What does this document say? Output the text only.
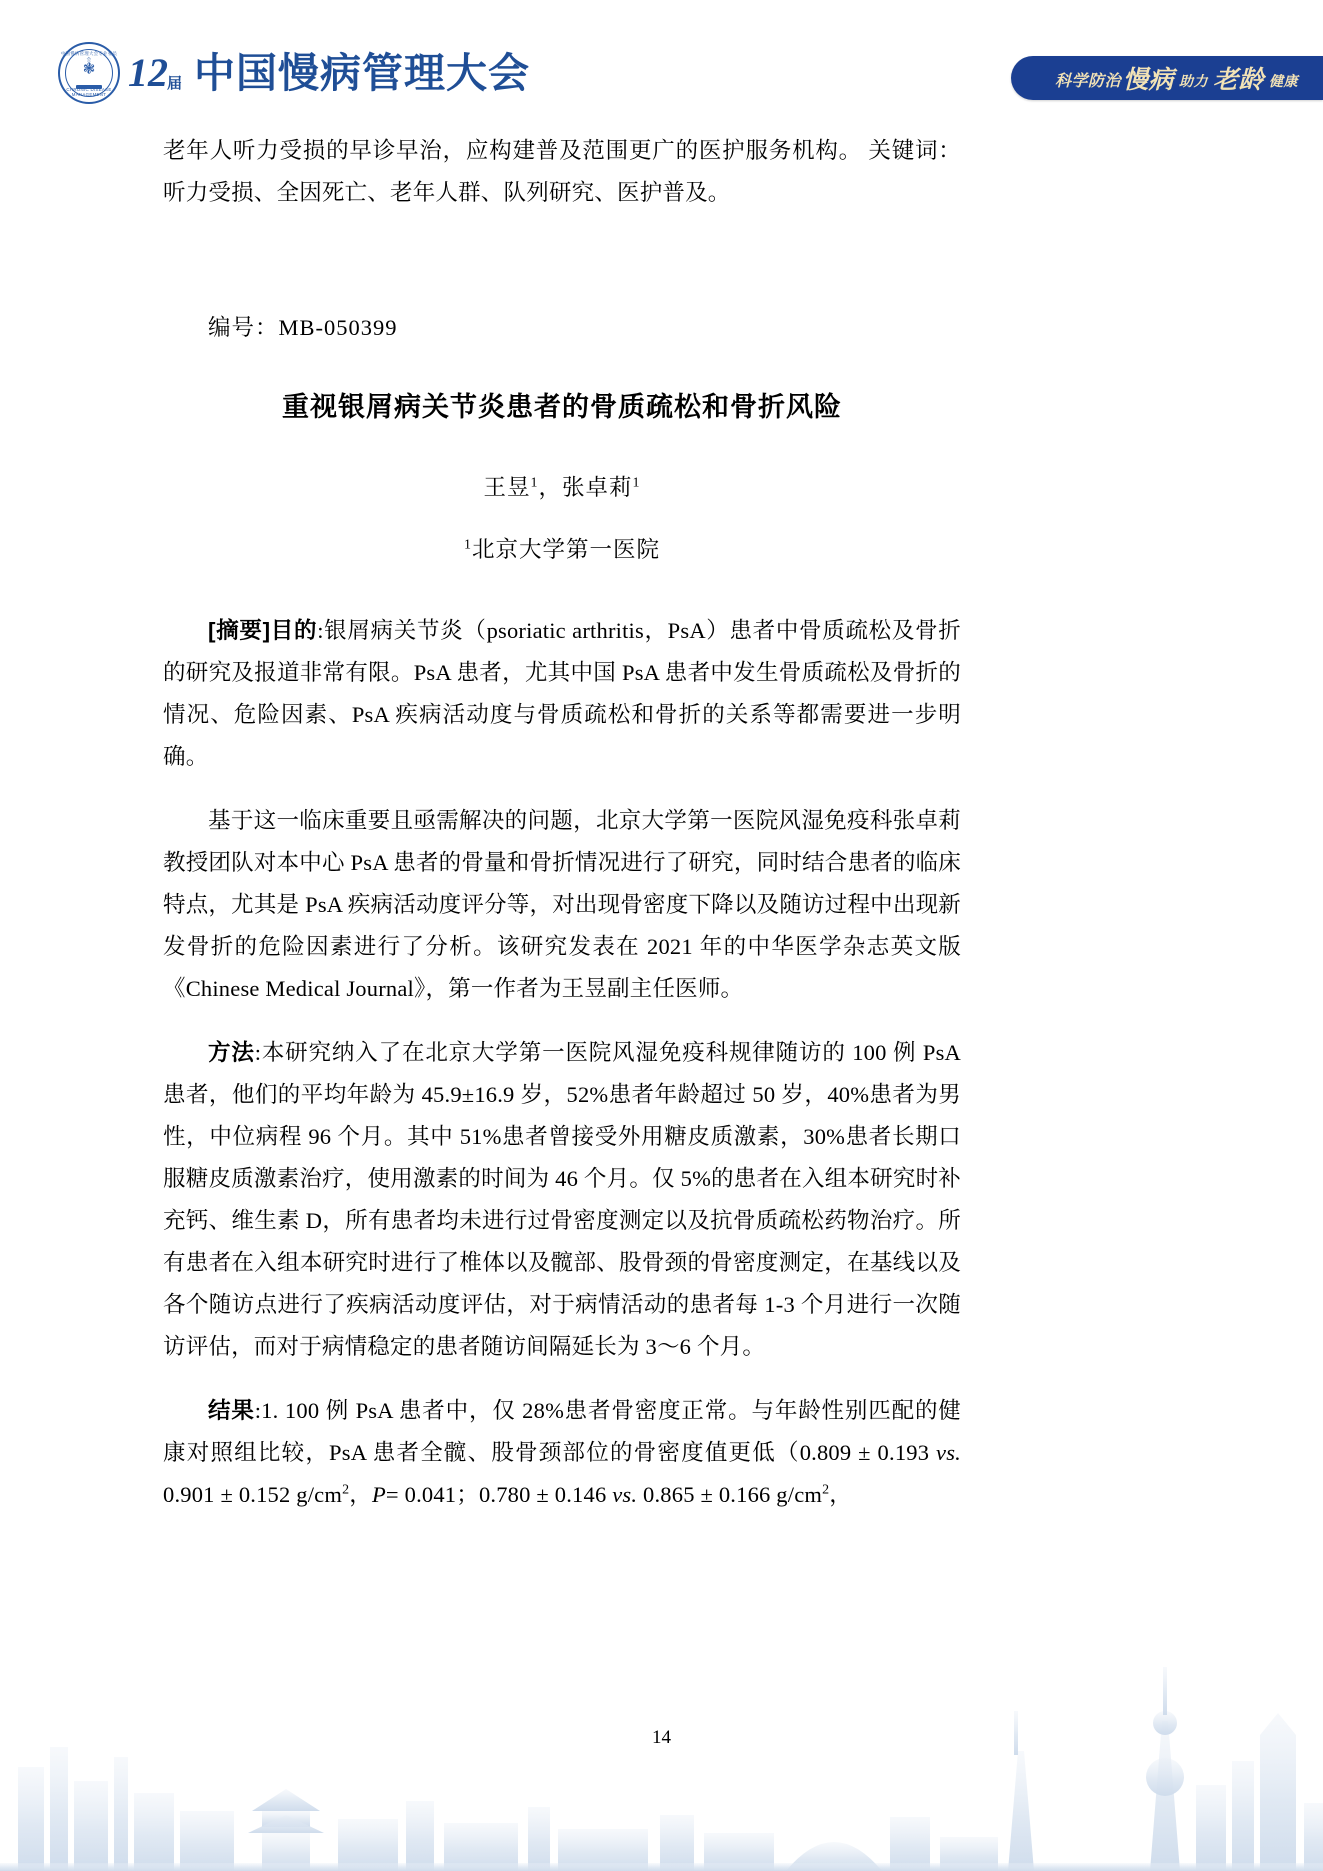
中国慢病管理大会专业委员会
❃
CHRONIC DISEASE MANAGEMENT 12
届 中国慢病管理大会	科学防治慢病 助力 老龄 健康

老年人听力受损的早诊早治，应构建普及范围更广的医护服务机构。 关键词：听力受损、全因死亡、老年人群、队列研究、医护普及。

编号：MB-050399

重视银屑病关节炎患者的骨质疏松和骨折风险

王昱$^1$，张卓莉$^1$

$^1$北京大学第一医院

[摘要]目的:银屑病关节炎（psoriatic arthritis，PsA）患者中骨质疏松及骨折的研究及报道非常有限。PsA 患者，尤其中国 PsA 患者中发生骨质疏松及骨折的情况、危险因素、PsA 疾病活动度与骨质疏松和骨折的关系等都需要进一步明确。

基于这一临床重要且亟需解决的问题，北京大学第一医院风湿免疫科张卓莉教授团队对本中心 PsA 患者的骨量和骨折情况进行了研究，同时结合患者的临床特点，尤其是 PsA 疾病活动度评分等，对出现骨密度下降以及随访过程中出现新发骨折的危险因素进行了分析。该研究发表在 2021 年的中华医学杂志英文版《Chinese Medical Journal》，第一作者为王昱副主任医师。

方法:本研究纳入了在北京大学第一医院风湿免疫科规律随访的 100 例 PsA 患者，他们的平均年龄为 45.9±16.9 岁，52%患者年龄超过 50 岁，40%患者为男性，中位病程 96 个月。其中 51%患者曾接受外用糖皮质激素，30%患者长期口服糖皮质激素治疗，使用激素的时间为 46 个月。仅 5%的患者在入组本研究时补充钙、维生素 D，所有患者均未进行过骨密度测定以及抗骨质疏松药物治疗。所有患者在入组本研究时进行了椎体以及髋部、股骨颈的骨密度测定，在基线以及各个随访点进行了疾病活动度评估，对于病情活动的患者每 1-3 个月进行一次随访评估，而对于病情稳定的患者随访间隔延长为 3～6 个月。

结果:1. 100 例 PsA 患者中，仅 28%患者骨密度正常。与年龄性别匹配的健康对照组比较，PsA 患者全髋、股骨颈部位的骨密度值更低（0.809 ± 0.193 vs. 0.901 ± 0.152 $g/cm^2$，P= 0.041；0.780 ± 0.146 vs. 0.865 ± 0.166 $g/cm^2$，

14
